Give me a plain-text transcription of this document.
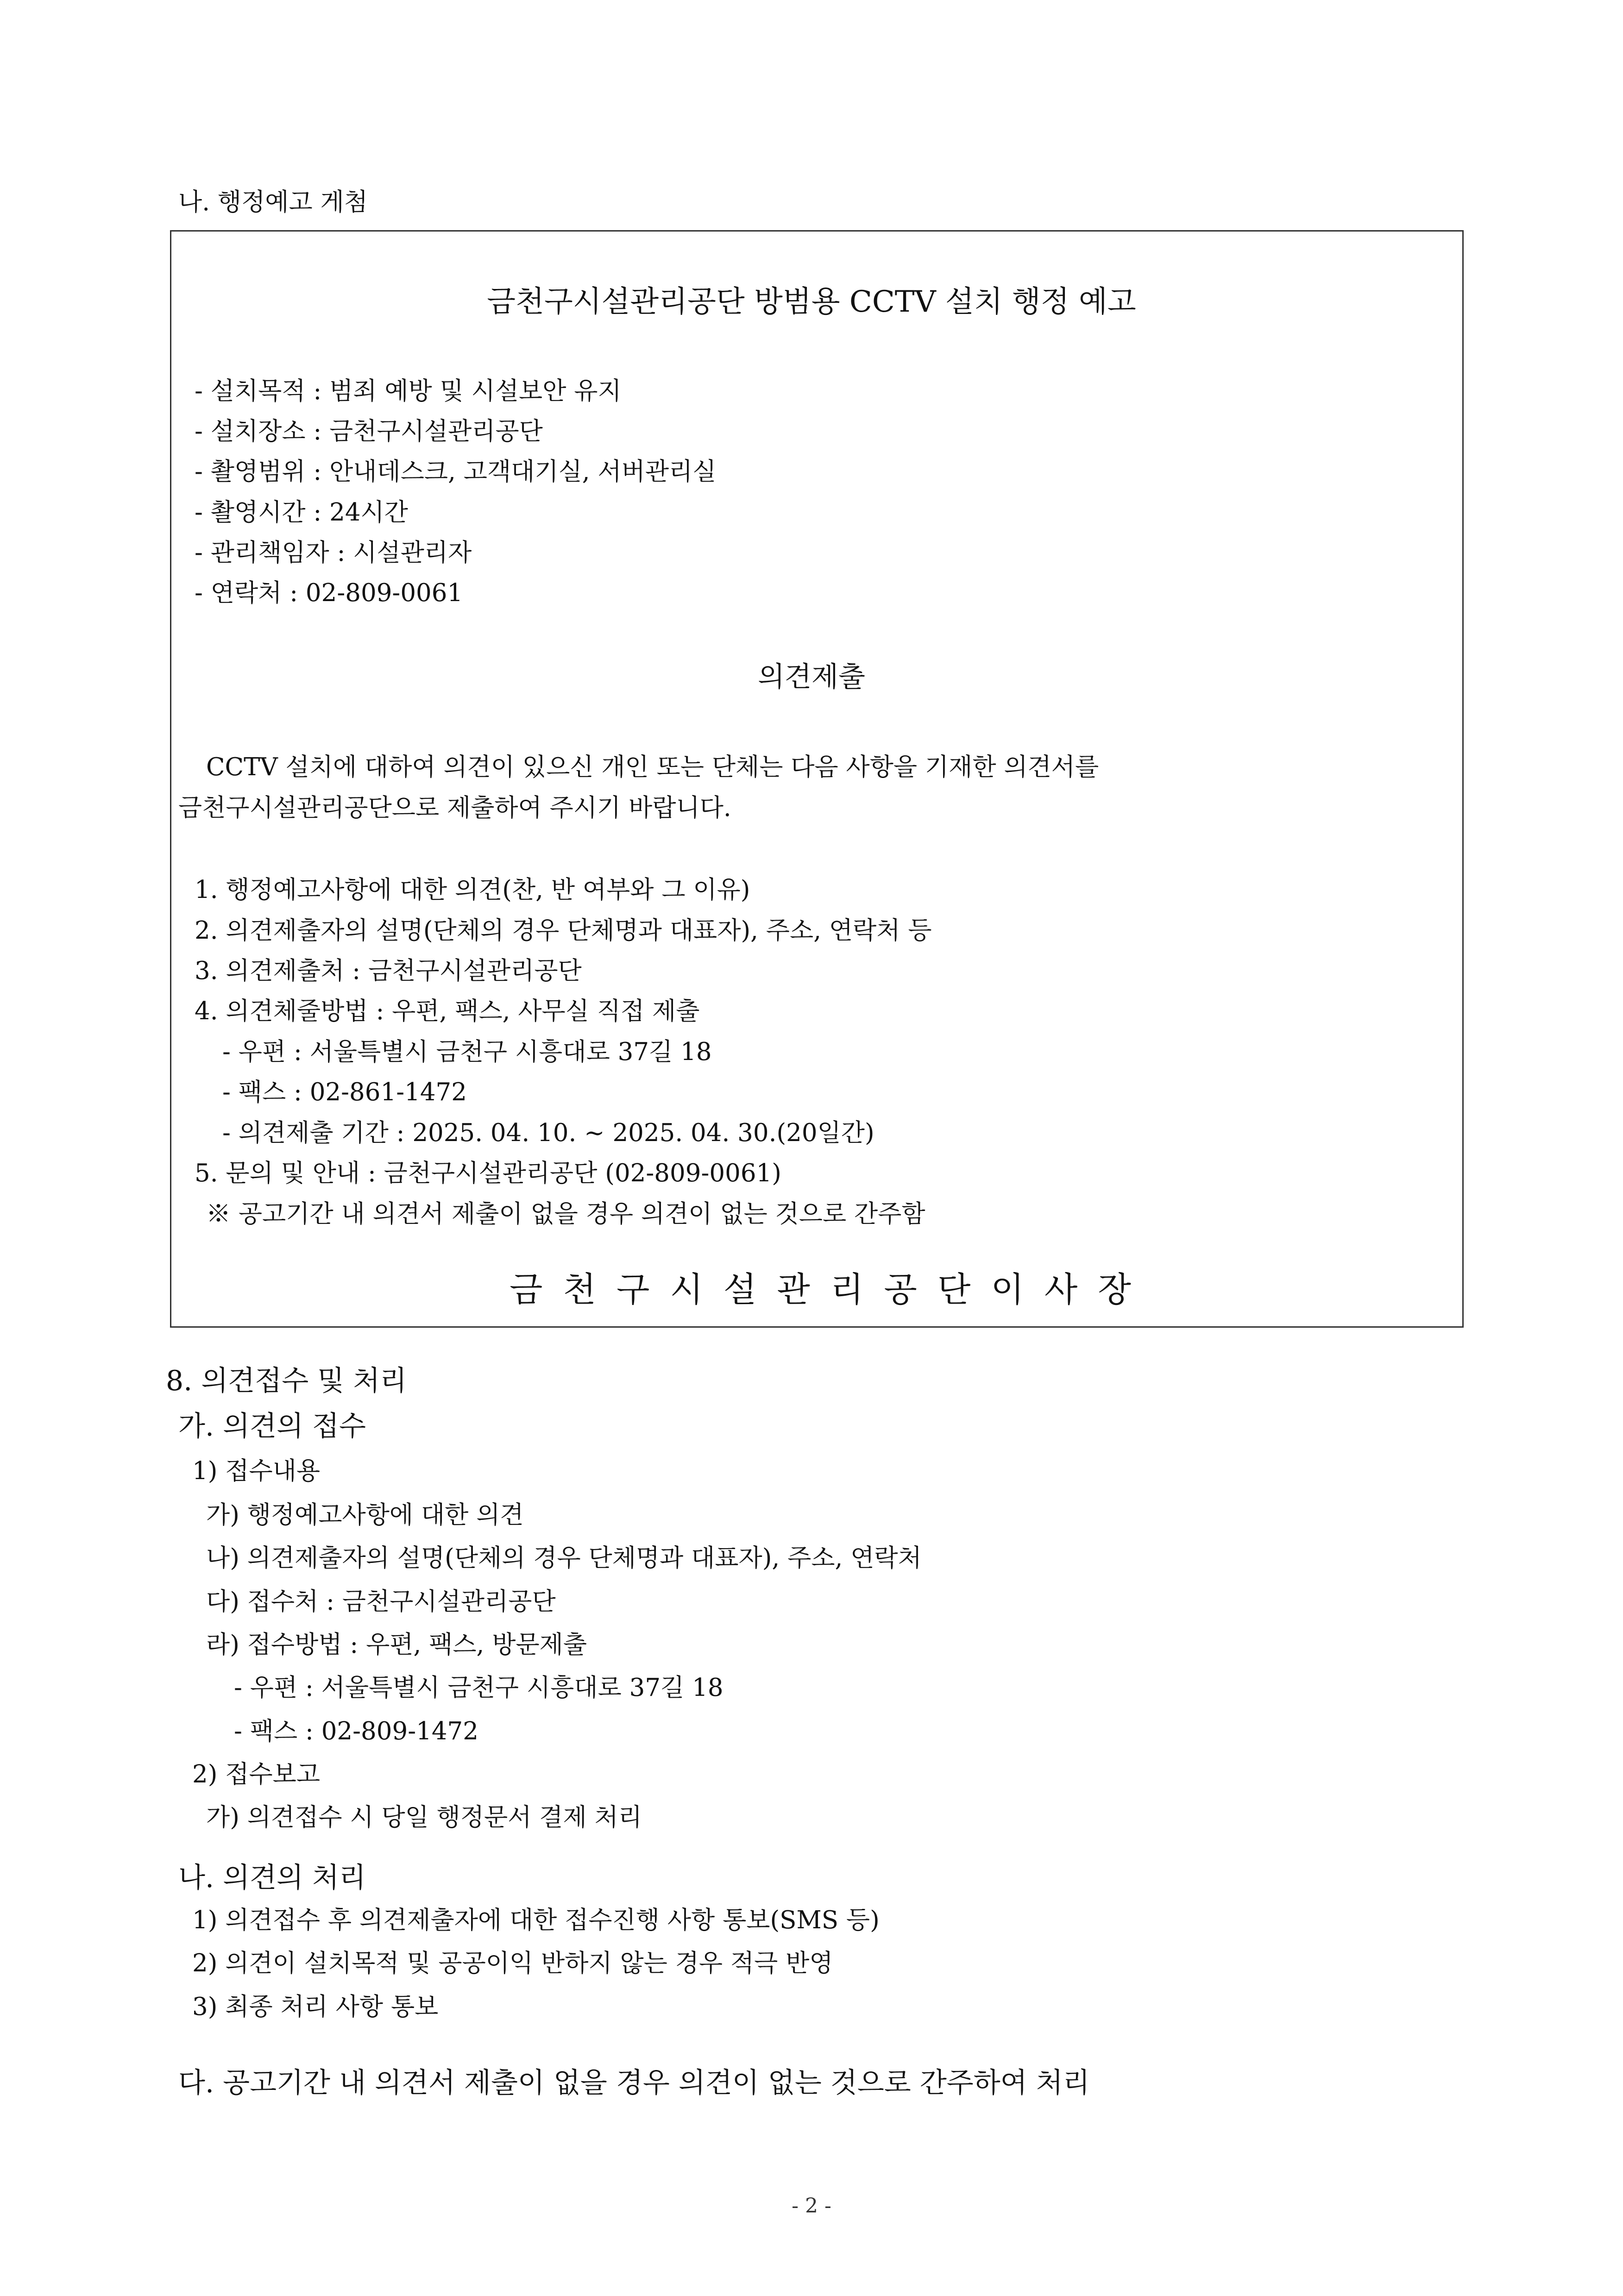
나. 행정예고 게첨
금천구시설관리공단 방범용 CCTV 설치 행정 예고
- 설치목적 : 범죄 예방 및 시설보안 유지
- 설치장소 : 금천구시설관리공단
- 촬영범위 : 안내데스크, 고객대기실, 서버관리실
- 촬영시간 : 24시간
- 관리책임자 : 시설관리자
- 연락처 : 02-809-0061
의견제출
CCTV 설치에 대하여 의견이 있으신 개인 또는 단체는 다음 사항을 기재한 의견서를
금천구시설관리공단으로 제출하여 주시기 바랍니다.
1. 행정예고사항에 대한 의견(찬, 반 여부와 그 이유)
2. 의견제출자의 설명(단체의 경우 단체명과 대표자), 주소, 연락처 등
3. 의견제출처 : 금천구시설관리공단
4. 의견체줄방법 : 우편, 팩스, 사무실 직접 제출
- 우편 : 서울특별시 금천구 시흥대로 37길 18
- 팩스 : 02-861-1472
- 의견제출 기간 : 2025. 04. 10. ~ 2025. 04. 30.(20일간)
5. 문의 및 안내 : 금천구시설관리공단 (02-809-0061)
※ 공고기간 내 의견서 제출이 없을 경우 의견이 없는 것으로 간주함
금천구시설관리공단이사장
8. 의견접수 및 처리
가. 의견의 접수
1) 접수내용
가) 행정예고사항에 대한 의견
나) 의견제출자의 설명(단체의 경우 단체명과 대표자), 주소, 연락처
다) 접수처 : 금천구시설관리공단
라) 접수방법 : 우편, 팩스, 방문제출
- 우편 : 서울특별시 금천구 시흥대로 37길 18
- 팩스 : 02-809-1472
2) 접수보고
가) 의견접수 시 당일 행정문서 결제 처리
나. 의견의 처리
1) 의견접수 후 의견제출자에 대한 접수진행 사항 통보(SMS 등)
2) 의견이 설치목적 및 공공이익 반하지 않는 경우 적극 반영
3) 최종 처리 사항 통보
다. 공고기간 내 의견서 제출이 없을 경우 의견이 없는 것으로 간주하여 처리
- 2 -
